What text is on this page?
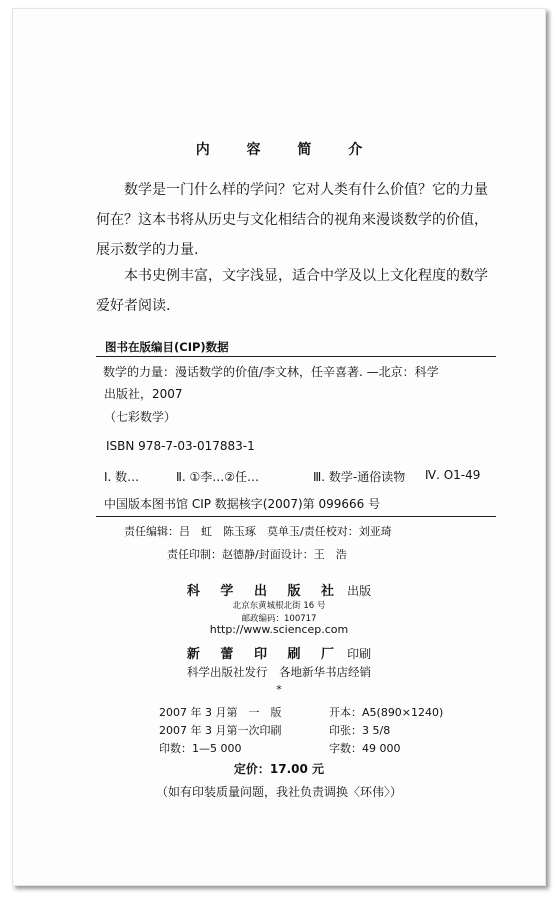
内 容 简 介
数学是一门什么样的学问？它对人类有什么价值？它的力量何在？这本书将从历史与文化相结合的视角来漫谈数学的价值，展示数学的力量.
本书史例丰富，文字浅显，适合中学及以上文化程度的数学爱好者阅读.
图书在版编目(CIP)数据
数学的力量：漫话数学的价值/李文林，任辛喜著. —北京：科学
出版社，2007
（七彩数学）
ISBN 978-7-03-017883-1
Ⅰ. 数…	Ⅱ. ①李…②任…	Ⅲ. 数学-通俗读物 Ⅳ. O1-49
中国版本图书馆 CIP 数据核字(2007)第 099666 号
责任编辑：吕　虹　陈玉琢　莫单玉/责任校对：刘亚琦
责任印制：赵德静/封面设计：王　浩
科 学 出 版 社 出版
北京东黄城根北街 16 号
邮政编码：100717
http://www.sciencep.com
新 蕾 印 刷 厂 印刷
科学出版社发行　各地新华书店经销
*
2007 年 3 月第　一　版	开本：A5(890×1240)
2007 年 3 月第一次印刷	印张：3 5/8
印数：1—5 000	字数：49 000
定价：17.00 元
（如有印装质量问题，我社负责调换〈环伟〉）
